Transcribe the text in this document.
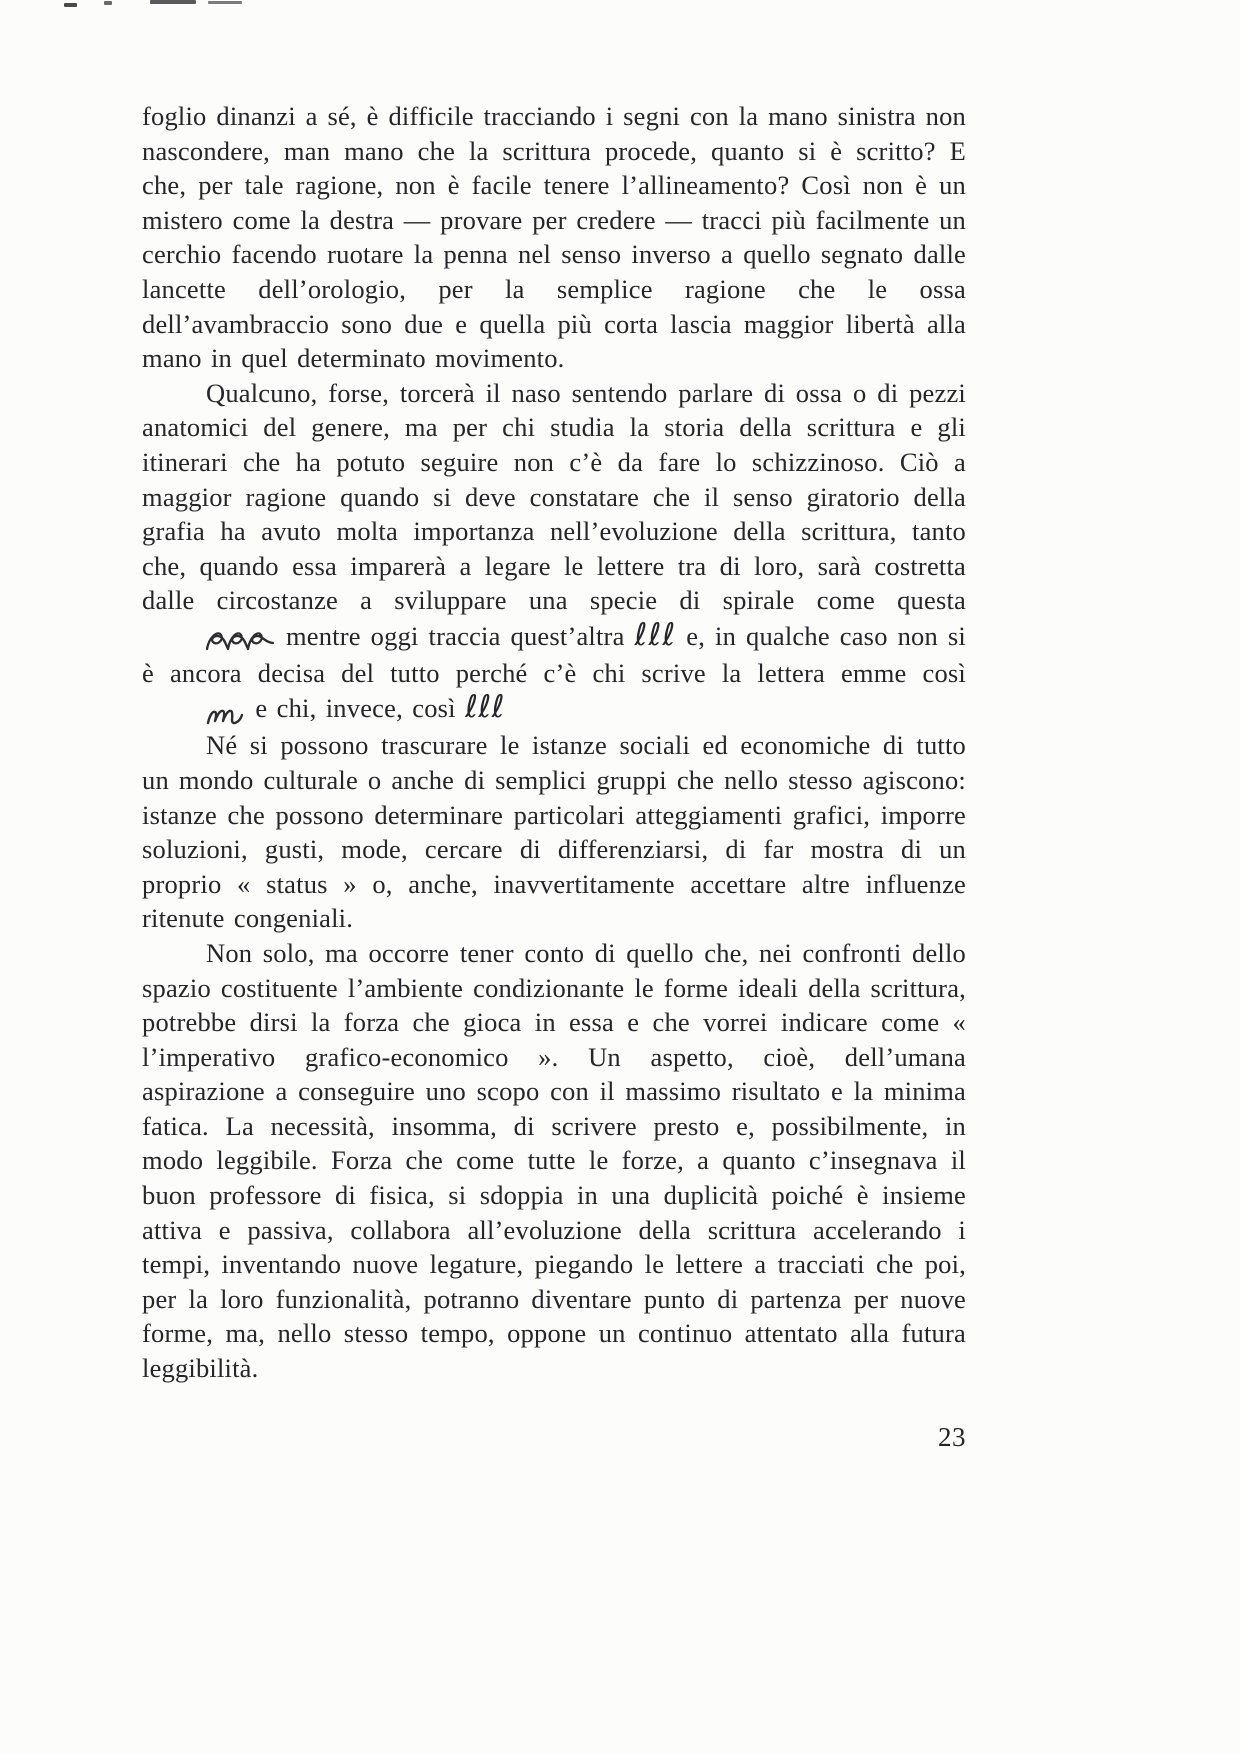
foglio dinanzi a sé, è difficile tracciando i segni con la mano sinistra non nascondere, man mano che la scrittura procede, quanto si è scritto? E che, per tale ragione, non è facile tenere l’allineamento? Così non è un mistero come la destra — provare per credere — tracci più facilmente un cerchio facendo ruotare la penna nel senso inverso a quello segnato dalle lancette dell’orologio, per la semplice ragione che le ossa dell’avambraccio sono due e quella più corta lascia maggior libertà alla mano in quel determinato movimento.

Qualcuno, forse, torcerà il naso sentendo parlare di ossa o di pezzi anatomici del genere, ma per chi studia la storia della scrittura e gli itinerari che ha potuto seguire non c’è da fare lo schizzinoso. Ciò a maggior ragione quando si deve constatare che il senso giratorio della grafia ha avuto molta importanza nell’evoluzione della scrittura, tanto che, quando essa imparerà a legare le lettere tra di loro, sarà costretta dalle circostanze a sviluppare una specie di spirale come questa  mentre oggi traccia quest’altra ℓℓℓ e, in qualche caso non si è ancora decisa del tutto perché c’è chi scrive la lettera emme così  e chi, invece, così ℓℓℓ

Né si possono trascurare le istanze sociali ed economiche di tutto un mondo culturale o anche di semplici gruppi che nello stesso agiscono: istanze che possono determinare particolari atteggiamenti grafici, imporre soluzioni, gusti, mode, cercare di differenziarsi, di far mostra di un proprio « status » o, anche, inavvertitamente accettare altre influenze ritenute congeniali.

Non solo, ma occorre tener conto di quello che, nei confronti dello spazio costituente l’ambiente condizionante le forme ideali della scrittura, potrebbe dirsi la forza che gioca in essa e che vorrei indicare come « l’imperativo grafico-economico ». Un aspetto, cioè, dell’umana aspirazione a conseguire uno scopo con il massimo risultato e la minima fatica. La necessità, insomma, di scrivere presto e, possibilmente, in modo leggibile. Forza che come tutte le forze, a quanto c’insegnava il buon professore di fisica, si sdoppia in una duplicità poiché è insieme attiva e passiva, collabora all’evoluzione della scrittura accelerando i tempi, inventando nuove legature, piegando le lettere a tracciati che poi, per la loro funzionalità, potranno diventare punto di partenza per nuove forme, ma, nello stesso tempo, oppone un continuo attentato alla futura leggibilità.

23
